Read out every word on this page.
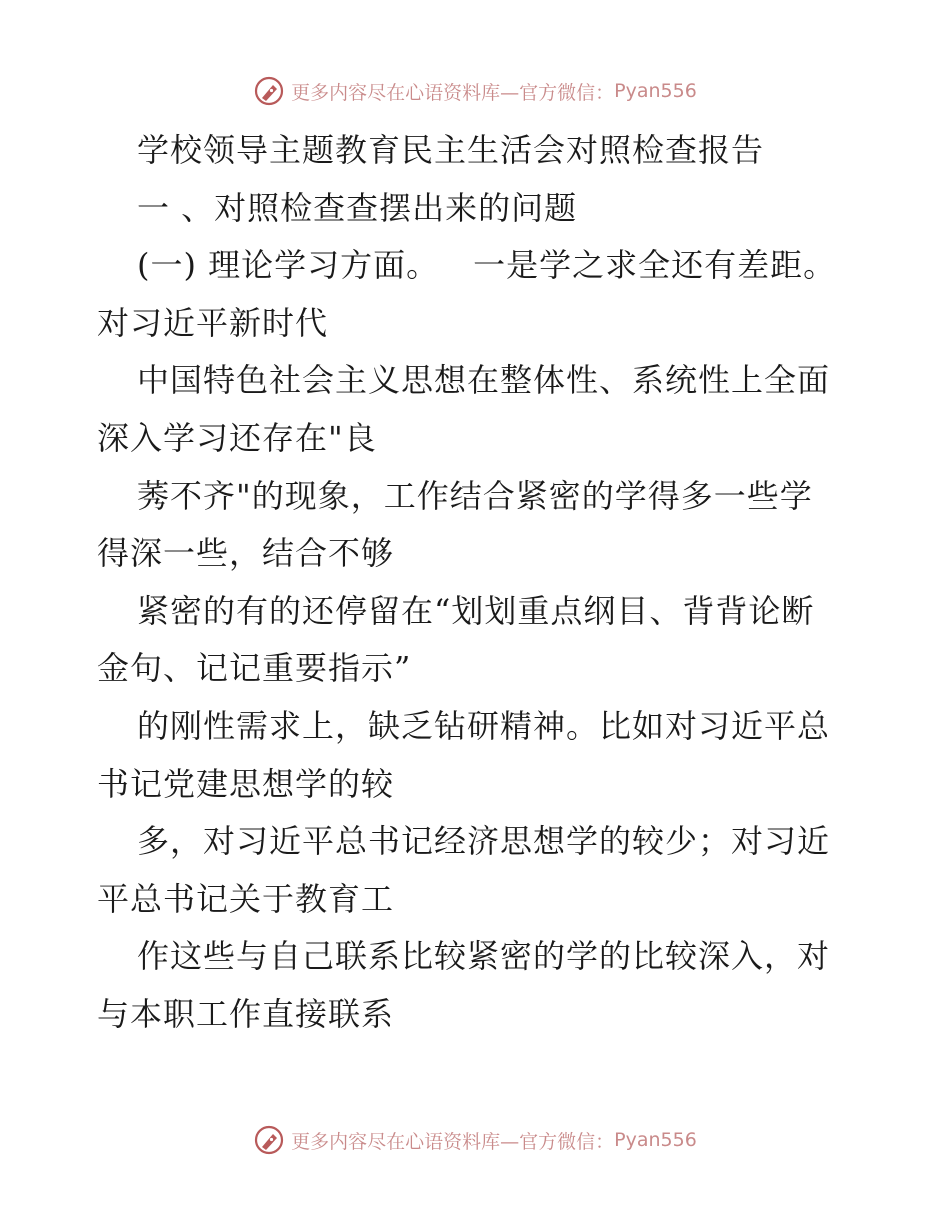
更多内容尽在心语资料库—官方微信： Pyan556
学校领导主题教育民主生活会对照检查报告
一 、对照检查查摆出来的问题
(一) 理论学习方面。 一是学之求全还有差距。
对习近平新时代
中国特色社会主义思想在整体性、系统性上全面
深入学习还存在"良
莠不齐"的现象，工作结合紧密的学得多一些学
得深一些，结合不够
紧密的有的还停留在“划划重点纲目、背背论断
金句、记记重要指示”
的刚性需求上，缺乏钻研精神。比如对习近平总
书记党建思想学的较
多，对习近平总书记经济思想学的较少；对习近
平总书记关于教育工
作这些与自己联系比较紧密的学的比较深入，对
与本职工作直接联系
更多内容尽在心语资料库—官方微信： Pyan556
